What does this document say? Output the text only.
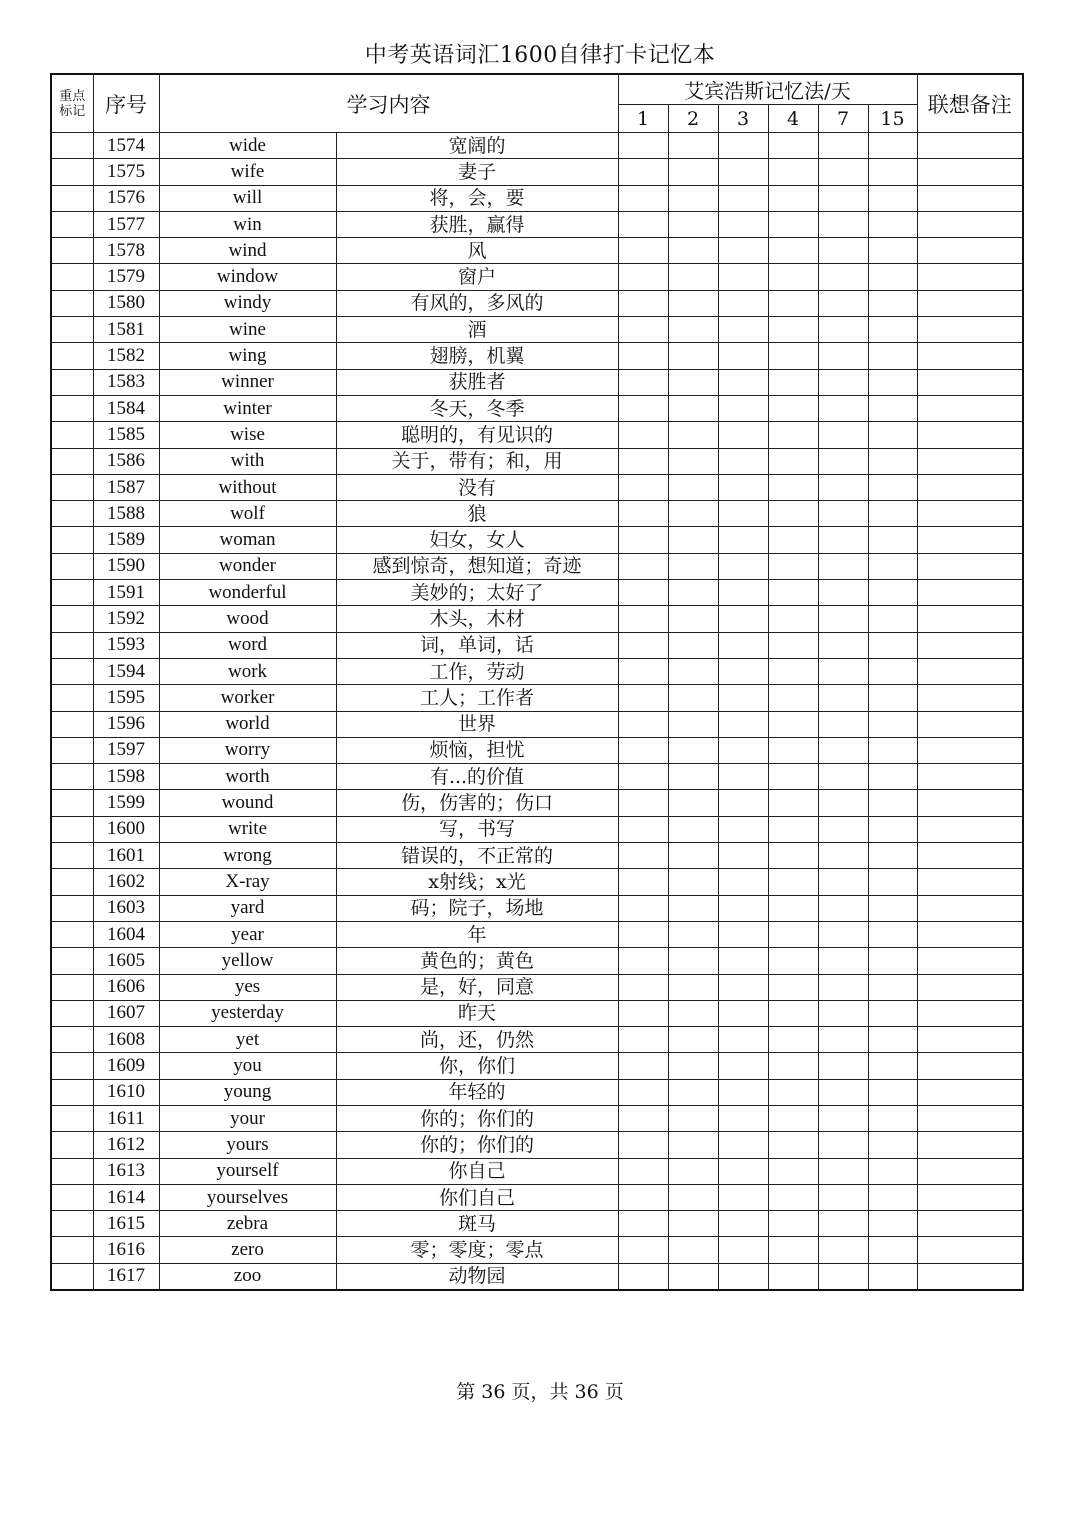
中考英语词汇1600自律打卡记忆本
重点
标记	序号	学习内容		艾宾浩斯记忆法/天						联想备注
				1	2	3	4	7	15	
	1574	wide	宽阔的							
	1575	wife	妻子							
	1576	will	将，会，要							
	1577	win	获胜，赢得							
	1578	wind	风							
	1579	window	窗户							
	1580	windy	有风的，多风的							
	1581	wine	酒							
	1582	wing	翅膀，机翼							
	1583	winner	获胜者							
	1584	winter	冬天，冬季							
	1585	wise	聪明的，有见识的							
	1586	with	关于，带有；和，用							
	1587	without	没有							
	1588	wolf	狼							
	1589	woman	妇女，女人							
	1590	wonder	感到惊奇，想知道；奇迹							
	1591	wonderful	美妙的；太好了							
	1592	wood	木头，木材							
	1593	word	词，单词，话							
	1594	work	工作，劳动							
	1595	worker	工人；工作者							
	1596	world	世界							
	1597	worry	烦恼，担忧							
	1598	worth	有...的价值							
	1599	wound	伤，伤害的；伤口							
	1600	write	写，书写							
	1601	wrong	错误的，不正常的							
	1602	X-ray	x射线；x光							
	1603	yard	码；院子，场地							
	1604	year	年							
	1605	yellow	黄色的；黄色							
	1606	yes	是，好，同意							
	1607	yesterday	昨天							
	1608	yet	尚，还，仍然							
	1609	you	你，你们							
	1610	young	年轻的							
	1611	your	你的；你们的							
	1612	yours	你的；你们的							
	1613	yourself	你自己							
	1614	yourselves	你们自己							
	1615	zebra	斑马							
	1616	zero	零；零度；零点							
	1617	zoo	动物园							
第 36 页，共 36 页
